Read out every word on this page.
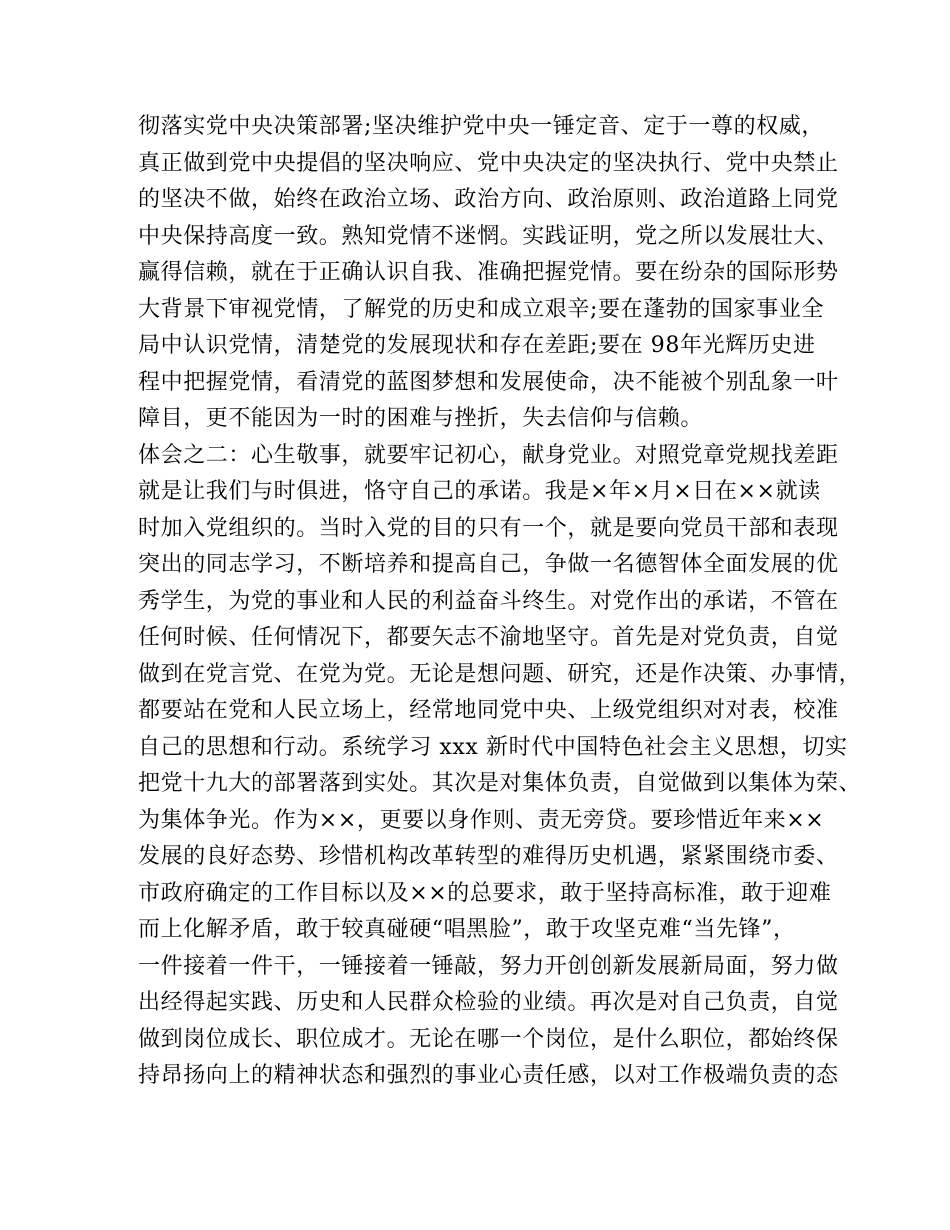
彻落实党中央决策部署;坚决维护党中央一锤定音、定于一尊的权威，
真正做到党中央提倡的坚决响应、党中央决定的坚决执行、党中央禁止
的坚决不做，始终在政治立场、政治方向、政治原则、政治道路上同党
中央保持高度一致。熟知党情不迷惘。实践证明，党之所以发展壮大、
赢得信赖，就在于正确认识自我、准确把握党情。要在纷杂的国际形势
大背景下审视党情，了解党的历史和成立艰辛;要在蓬勃的国家事业全
局中认识党情，清楚党的发展现状和存在差距;要在 98年光辉历史进
程中把握党情，看清党的蓝图梦想和发展使命，决不能被个别乱象一叶
障目，更不能因为一时的困难与挫折，失去信仰与信赖。
体会之二：心生敬事，就要牢记初心，献身党业。对照党章党规找差距
就是让我们与时俱进，恪守自己的承诺。我是×年×月×日在××就读
时加入党组织的。当时入党的目的只有一个，就是要向党员干部和表现
突出的同志学习，不断培养和提高自己，争做一名德智体全面发展的优
秀学生，为党的事业和人民的利益奋斗终生。对党作出的承诺，不管在
任何时候、任何情况下，都要矢志不渝地坚守。首先是对党负责，自觉
做到在党言党、在党为党。无论是想问题、研究，还是作决策、办事情，
都要站在党和人民立场上，经常地同党中央、上级党组织对对表，校准
自己的思想和行动。系统学习 xxx 新时代中国特色社会主义思想，切实
把党十九大的部署落到实处。其次是对集体负责，自觉做到以集体为荣、
为集体争光。作为××，更要以身作则、责无旁贷。要珍惜近年来××
发展的良好态势、珍惜机构改革转型的难得历史机遇，紧紧围绕市委、
市政府确定的工作目标以及××的总要求，敢于坚持高标准，敢于迎难
而上化解矛盾，敢于较真碰硬“唱黑脸”，敢于攻坚克难“当先锋”，
一件接着一件干，一锤接着一锤敲，努力开创创新发展新局面，努力做
出经得起实践、历史和人民群众检验的业绩。再次是对自己负责，自觉
做到岗位成长、职位成才。无论在哪一个岗位，是什么职位，都始终保
持昂扬向上的精神状态和强烈的事业心责任感，以对工作极端负责的态
